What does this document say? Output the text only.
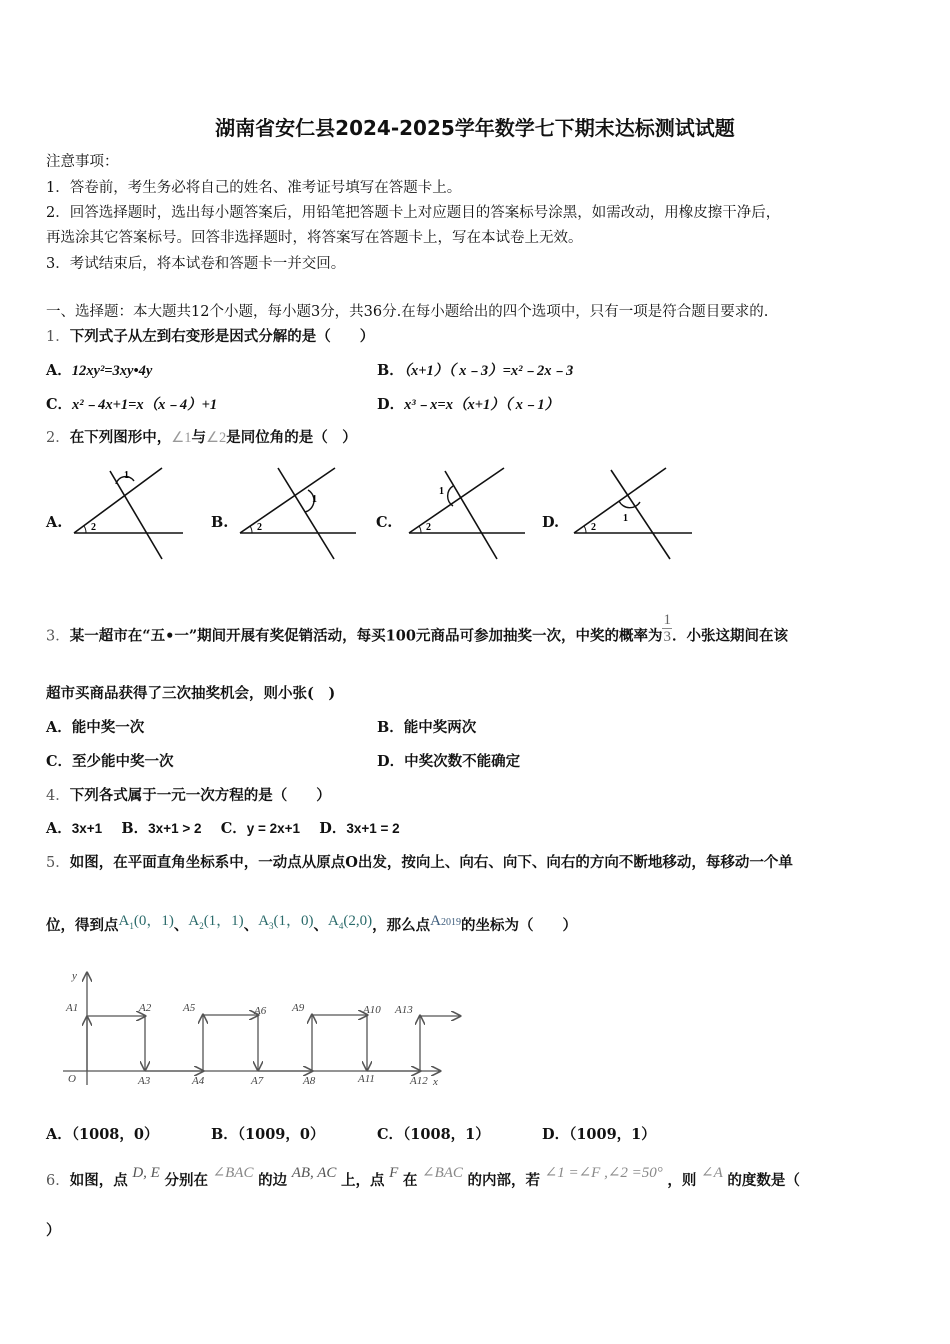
湖南省安仁县2024-2025学年数学七下期末达标测试试题
注意事项：
1．答卷前，考生务必将自己的姓名、准考证号填写在答题卡上。
2．回答选择题时，选出每小题答案后，用铅笔把答题卡上对应题目的答案标号涂黑，如需改动，用橡皮擦干净后，
再选涂其它答案标号。回答非选择题时，将答案写在答题卡上，写在本试卷上无效。
3．考试结束后，将本试卷和答题卡一并交回。
一、选择题：本大题共12个小题，每小题3分，共36分.在每小题给出的四个选项中，只有一项是符合题目要求的.
1．下列式子从左到右变形是因式分解的是（　　）
A．12xy²=3xy•4y	B．（x+1）（ x﹣3）=x²﹣2x﹣3
C．x²﹣4x+1=x（x﹣4）+1	D．x³﹣x=x（x+1）（ x﹣1）
2．在下列图形中，∠1与∠2是同位角的是（　）
A.	2
1
B.	2
1
C.	2
1
D.	2
1
3．某一超市在“五•一”期间开展有奖促销活动，每买100元商品可参加抽奖一次，中奖的概率为 $\frac{1}{3}$ ．小张这期间在该
超市买商品获得了三次抽奖机会，则小张(　)
A．能中奖一次	B．能中奖两次
C．至少能中奖一次	D．中奖次数不能确定
4．下列各式属于一元一次方程的是（　　）
A．3x+1 B．3x+1 > 2 C．y = 2x+1 D．3x+1 = 2
5．如图，在平面直角坐标系中，一动点从原点O出发，按向上、向右、向下、向右的方向不断地移动，每移动一个单
位，得到点$A_1(0$，1)、$A_2(1$，1)、$A_3(1$，0)、$A_4(2,0)$，那么点A2019的坐标为（　　）
y
x
O
A1	A2	A5	A6 A9	A10 A13
A3	A4	A7	A8	A11	A12
A．（1008，0）	B．（1009，0）	C．（1008，1）	D．（1009，1）
6．如图，点 D, E 分别在 ∠BAC 的边 AB, AC 上，点 F 在 ∠BAC 的内部，若 ∠1 =∠F ,∠2 =50° ，则 ∠A 的度数是（
）
